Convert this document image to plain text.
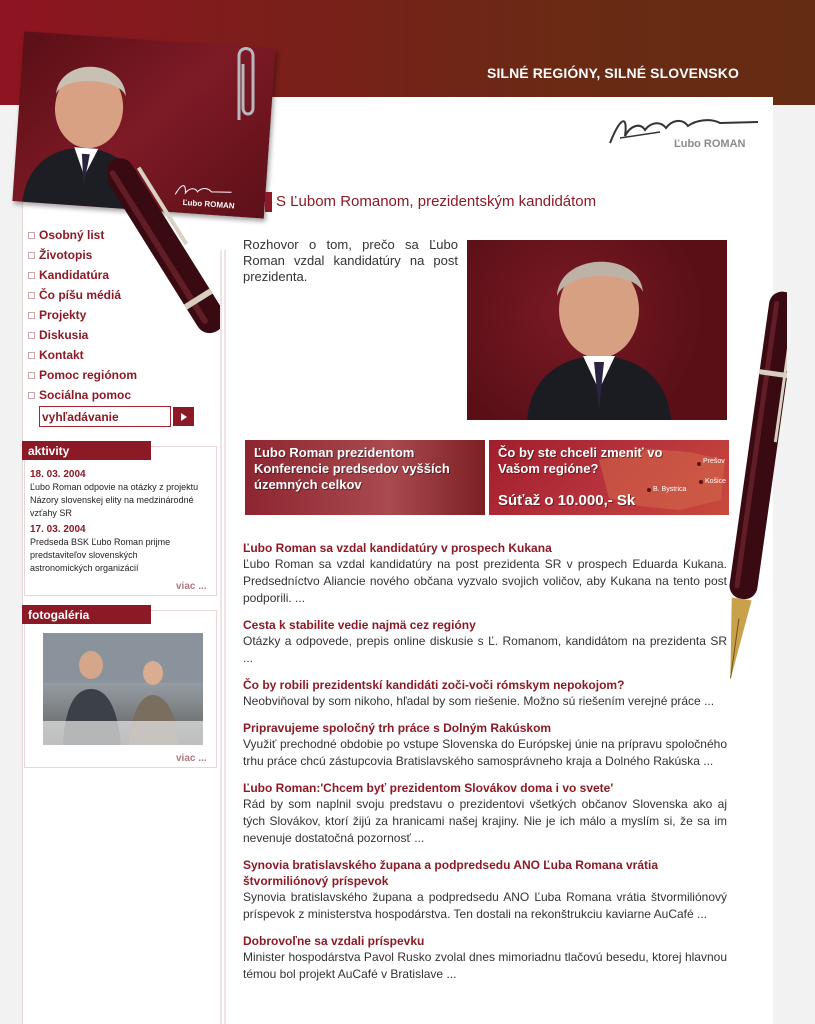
SILNÉ REGIÓNY, SILNÉ SLOVENSKO
Ľubo ROMAN
Ľubo ROMAN
Osobný list
Životopis
Kandidatúra
Čo píšu médiá
Projekty
Diskusia
Kontakt
Pomoc regiónom
Sociálna pomoc
vyhľadávanie
aktivity
18. 03. 2004
Ľubo Roman odpovie na otázky z projektu Názory slovenskej elity na medzinárodné vzťahy SR
17. 03. 2004
Predseda BSK Ľubo Roman prijme predstaviteľov slovenských astronomických organizácií
viac ...
fotogaléria
viac ...
S Ľubom Romanom, prezidentským kandidátom
Rozhovor o tom, prečo sa Ľubo Roman vzdal kandidatúry na post prezidenta.
Ľubo Roman prezidentom Konferencie predsedov vyšších územných celkov
Prešov
Košice
B. Bystrica
Čo by ste chceli zmeniť vo Vašom regióne?
Súťaž o 10.000,- Sk
Ľubo Roman sa vzdal kandidatúry v prospech Kukana
Ľubo Roman sa vzdal kandidatúry na post prezidenta SR v prospech Eduarda Kukana. Predsedníctvo Aliancie nového občana vyzvalo svojich voličov, aby Kukana na tento post podporili. ...
Cesta k stabilite vedie najmä cez regióny
Otázky a odpovede, prepis online diskusie s Ľ. Romanom, kandidátom na prezidenta SR ...
Čo by robili prezidentskí kandidáti zoči-voči rómskym nepokojom?
Neobviňoval by som nikoho, hľadal by som riešenie. Možno sú riešením verejné práce ...
Pripravujeme spoločný trh práce s Dolným Rakúskom
Využiť prechodné obdobie po vstupe Slovenska do Európskej únie na prípravu spoločného trhu práce chcú zástupcovia Bratislavského samosprávneho kraja a Dolného Rakúska ...
Ľubo Roman:'Chcem byť prezidentom Slovákov doma i vo svete'
Rád by som naplnil svoju predstavu o prezidentovi všetkých občanov Slovenska ako aj tých Slovákov, ktorí žijú za hranicami našej krajiny. Nie je ich málo a myslím si, že sa im nevenuje dostatočná pozornosť ...
Synovia bratislavského župana a podpredsedu ANO Ľuba Romana vrátia štvormiliónový príspevok
Synovia bratislavského župana a podpredsedu ANO Ľuba Romana vrátia štvormiliónový príspevok z ministerstva hospodárstva. Ten dostali na rekonštrukciu kaviarne AuCafé ...
Dobrovoľne sa vzdali príspevku
Minister hospodárstva Pavol Rusko zvolal dnes mimoriadnu tlačovú besedu, ktorej hlavnou témou bol projekt AuCafé v Bratislave ...
